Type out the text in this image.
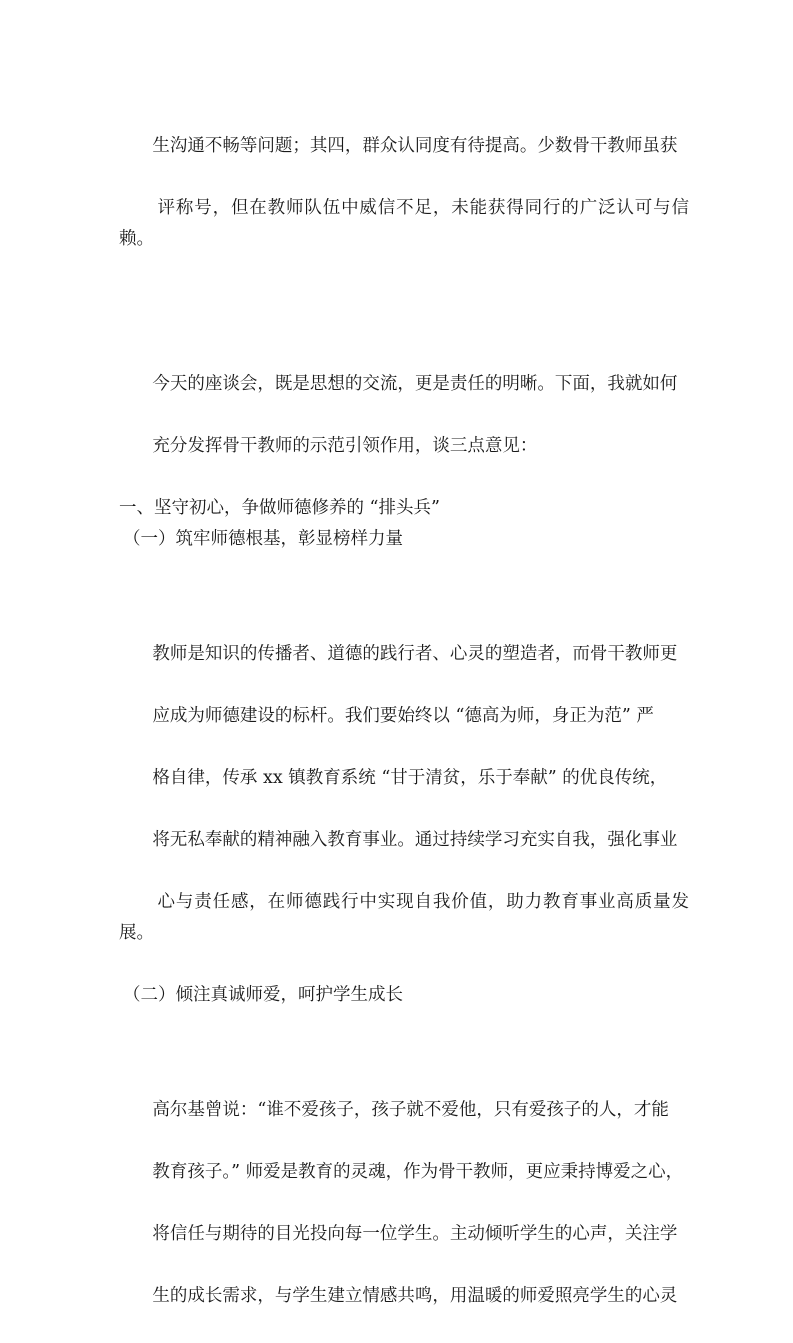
生沟通不畅等问题；其四，群众认同度有待提高。少数骨干教师虽获

评称号，但在教师队伍中威信不足，未能获得同行的广泛认可与信赖。

今天的座谈会，既是思想的交流，更是责任的明晰。下面，我就如何

充分发挥骨干教师的示范引领作用，谈三点意见：

一、坚守初心，争做师德修养的 “排头兵”

（一）筑牢师德根基，彰显榜样力量

教师是知识的传播者、道德的践行者、心灵的塑造者，而骨干教师更

应成为师德建设的标杆。我们要始终以 “德高为师，身正为范” 严

格自律，传承 xx 镇教育系统 “甘于清贫，乐于奉献” 的优良传统，

将无私奉献的精神融入教育事业。通过持续学习充实自我，强化事业

心与责任感，在师德践行中实现自我价值，助力教育事业高质量发展。

（二）倾注真诚师爱，呵护学生成长

高尔基曾说：“谁不爱孩子，孩子就不爱他，只有爱孩子的人，才能

教育孩子。” 师爱是教育的灵魂，作为骨干教师，更应秉持博爱之心，

将信任与期待的目光投向每一位学生。主动倾听学生的心声，关注学

生的成长需求，与学生建立情感共鸣，用温暖的师爱照亮学生的心灵
